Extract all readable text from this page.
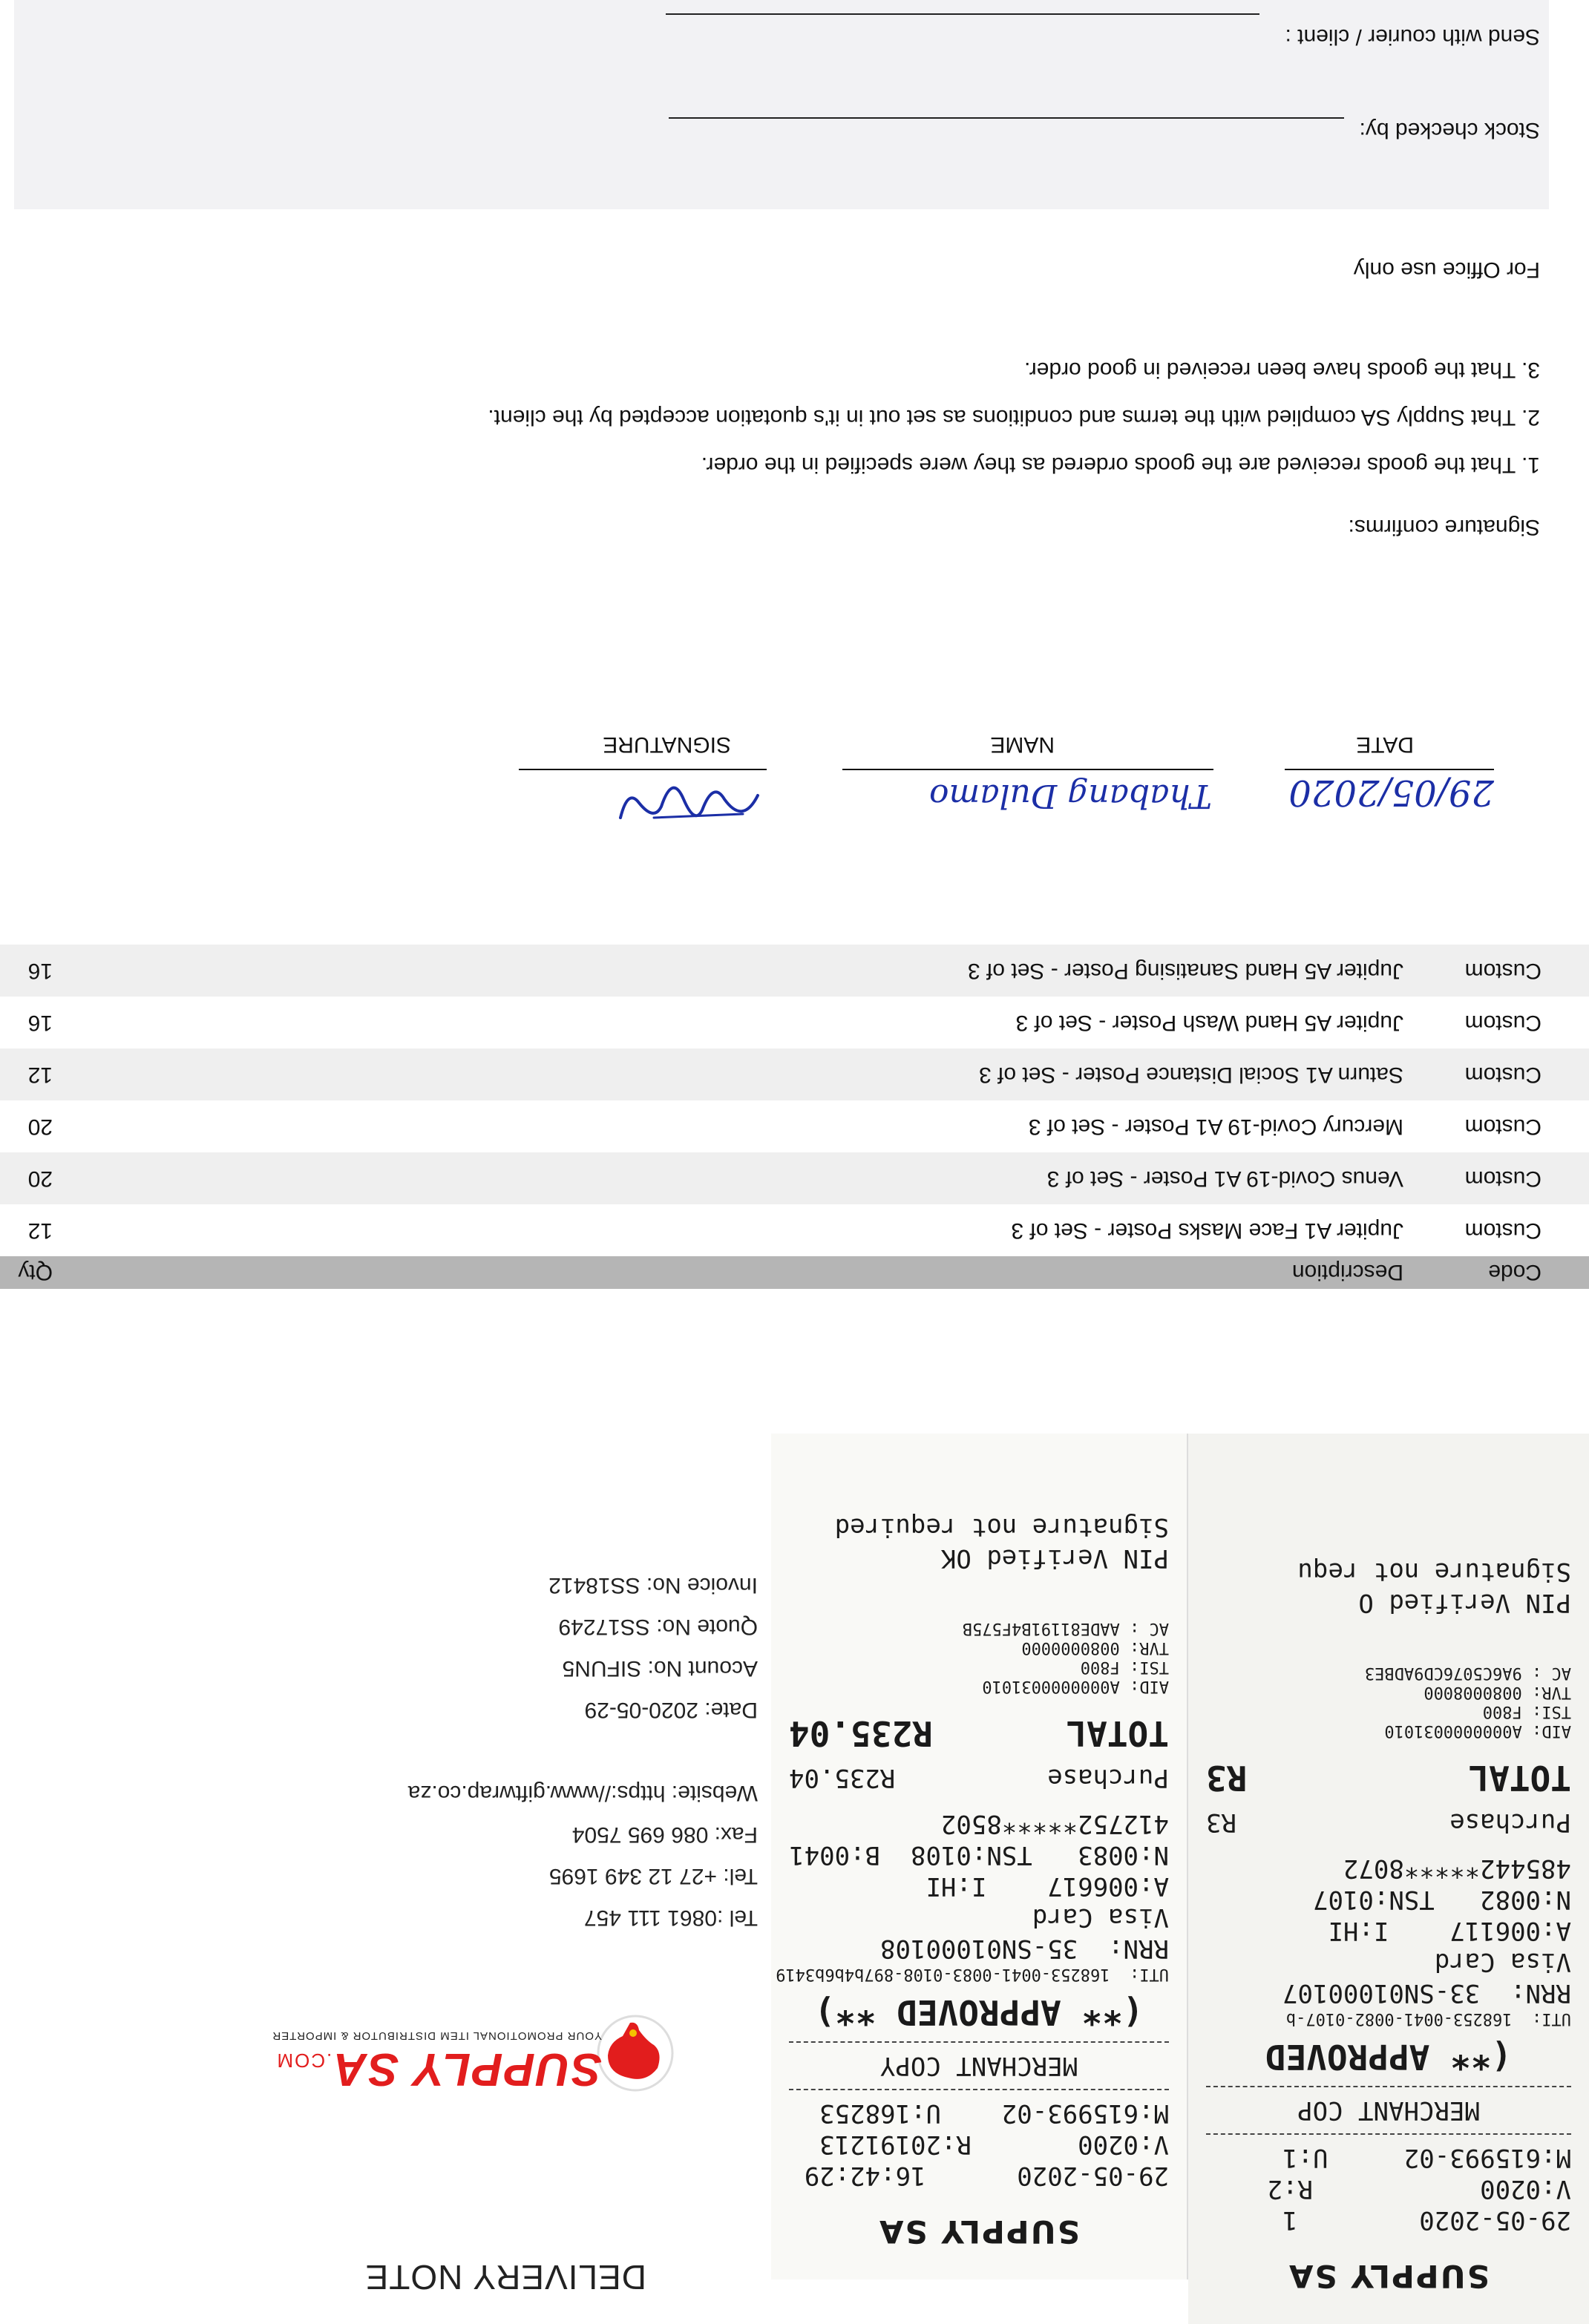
SUPPLY SA
29-05-2020        1
V:0200           R:2
M:615993-02     U:1
MERCHANT COP
(** APPROVED
UTI:  168253-0041-0082-0107-b
RRN:  33-SN01000107
Visa Card
A:006117    I:HI
N:0082   TSN:0107
485442*****8072
Purchase
R3
TOTAL
R3
AID: A0000000031010
TSI: F800
TVR: 0080008000
AC : 9A6C5076CD9ADBE3
PIN Verified O
Signature not requ
SUPPLY SA
29-05-2020      16:42:29
V:0200       R:20191213
M:615993-02    U:168253
MERCHANT COPY
(** APPROVED **)
UTI:  168253-0041-0083-0108-897b4b6b3419
RRN:  35-SN01000108
Visa Card
A:006617    I:HI
N:0083   TSN:0108  B:0041
412752*****8502
Purchase
R235.04
TOTAL
R235.04
AID: A0000000031010
TSI: F800
TVR: 0080000000
AC : AADE81191B4F575B
PIN Verified OK
Signature not required
DELIVERY NOTE
SUPPLY SA.COM
YOUR PROMOTIONAL ITEM DISTRIBUTOR & IMPORTER
Tel :0861 111 457
Tel: +27 12 349 1695
Fax: 086 695 7504
Website: https://www.giftwrap.co.za
Date: 2020-05-29
Acount No: SIFUN5
Quote No: SS17249
Invoice No: SS18412
Code
Description
Qty
Custom
Jupiter A1 Face Masks Poster - Set of 3
12
Custom
Venus Covid-19 A1 Poster - Set of 3
20
Custom
Mercury Covid-19 A1 Poster - Set of 3
20
Custom
Saturn A1 Social Distance Poster - Set of 3
12
Custom
Jupiter A5 Hand Wash Poster - Set of 3
16
Custom
Jupiter A5 Hand Sanatising Poster - Set of 3
16
29/05/2020
DATE
Thabang Dulamo
NAME
SIGNATURE
Signature confirms:
1. That the goods received are the goods ordered as they were specified in the order.
2. That Supply SA complied with the terms and conditions as set out in it's quotation accepted by the client.
3. That the goods have been received in good order.
For Office use only
Stock checked by:
Send with courier / client :
